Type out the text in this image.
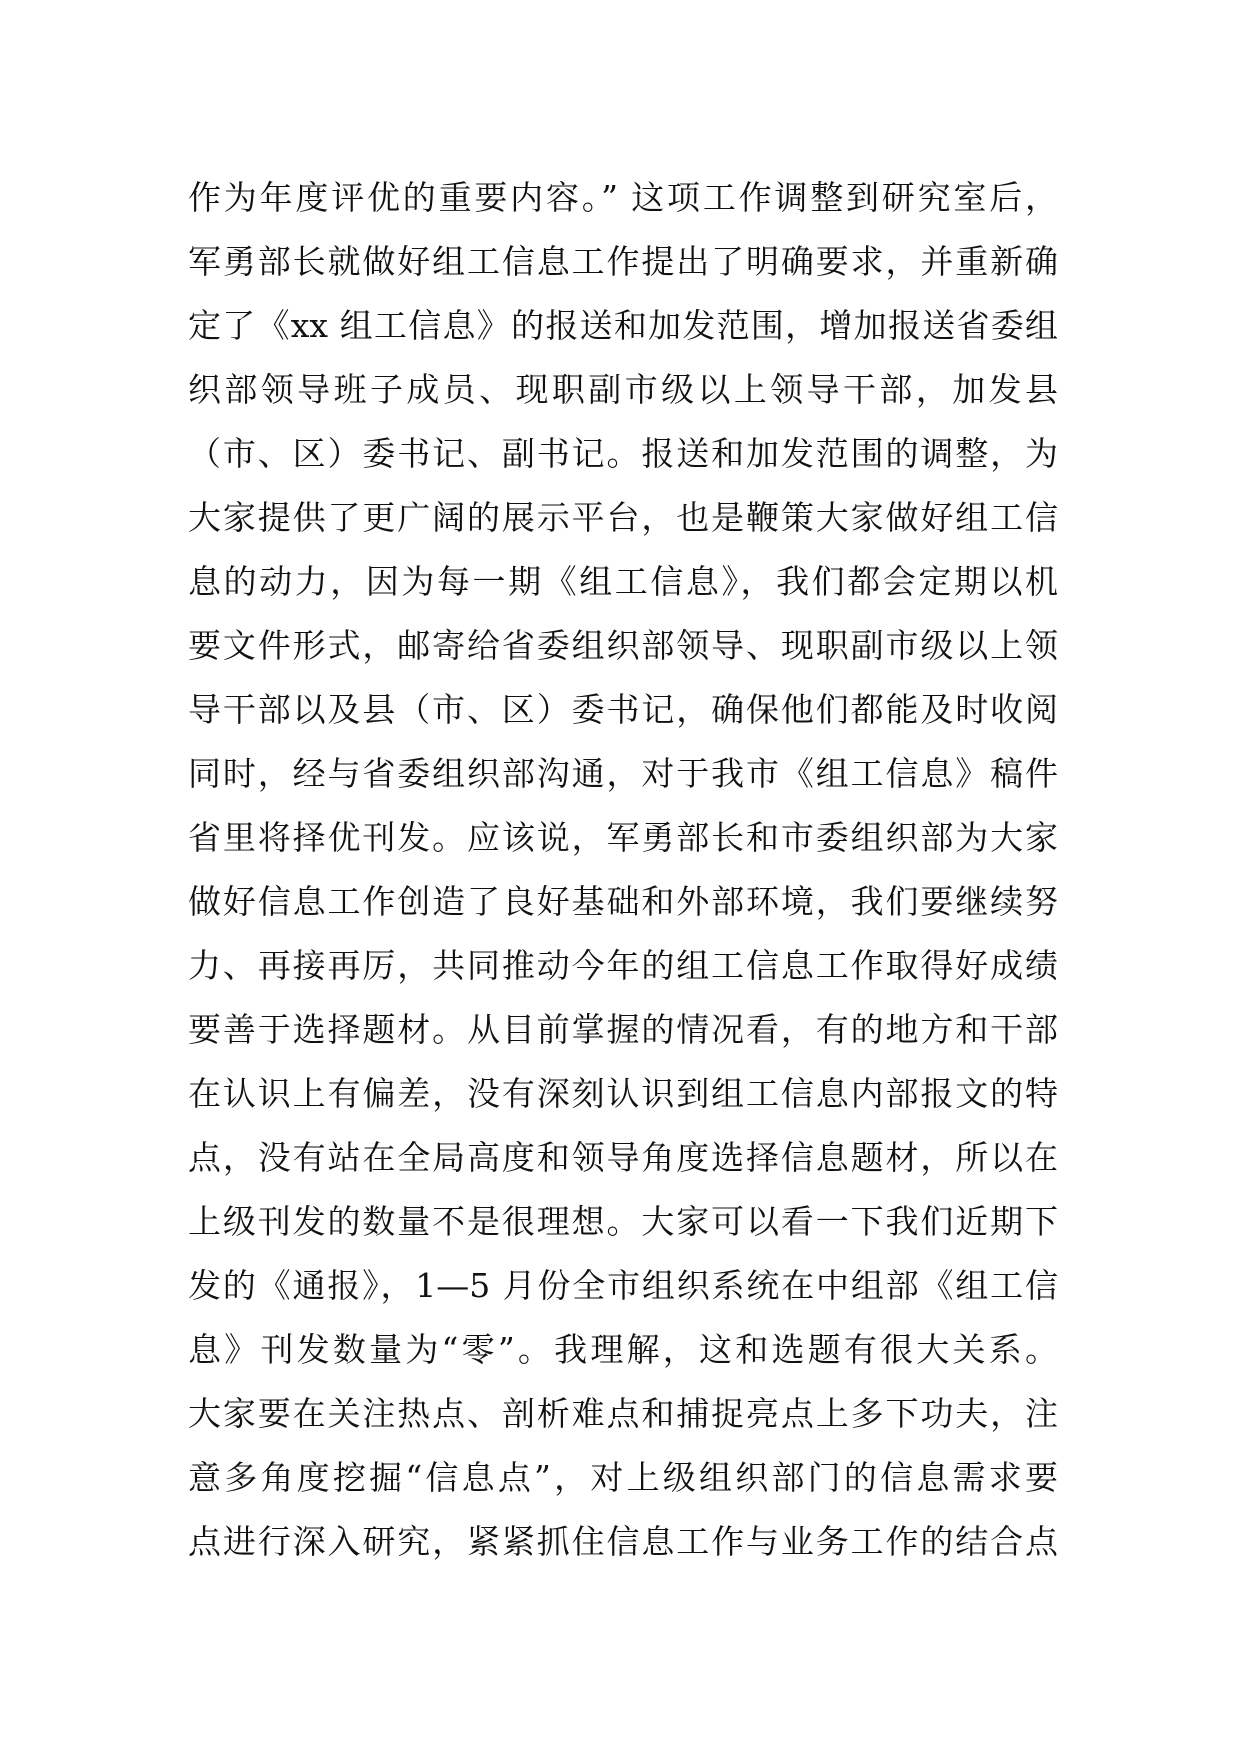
作为年度评优的重要内容。” 这项工作调整到研究室后，
军勇部长就做好组工信息工作提出了明确要求，并重新确
定了《xx 组工信息》的报送和加发范围，增加报送省委组
织部领导班子成员、现职副市级以上领导干部，加发县
（市、区）委书记、副书记。报送和加发范围的调整，为
大家提供了更广阔的展示平台，也是鞭策大家做好组工信
息的动力，因为每一期《组工信息》，我们都会定期以机
要文件形式，邮寄给省委组织部领导、现职副市级以上领
导干部以及县（市、区）委书记，确保他们都能及时收阅
同时，经与省委组织部沟通，对于我市《组工信息》稿件
省里将择优刊发。应该说，军勇部长和市委组织部为大家
做好信息工作创造了良好基础和外部环境，我们要继续努
力、再接再厉，共同推动今年的组工信息工作取得好成绩
要善于选择题材。从目前掌握的情况看，有的地方和干部
在认识上有偏差，没有深刻认识到组工信息内部报文的特
点，没有站在全局高度和领导角度选择信息题材，所以在
上级刊发的数量不是很理想。大家可以看一下我们近期下
发的《通报》，1—5 月份全市组织系统在中组部《组工信
息》刊发数量为“零”。我理解，这和选题有很大关系。
大家要在关注热点、剖析难点和捕捉亮点上多下功夫，注
意多角度挖掘“信息点”，对上级组织部门的信息需求要
点进行深入研究，紧紧抓住信息工作与业务工作的结合点
